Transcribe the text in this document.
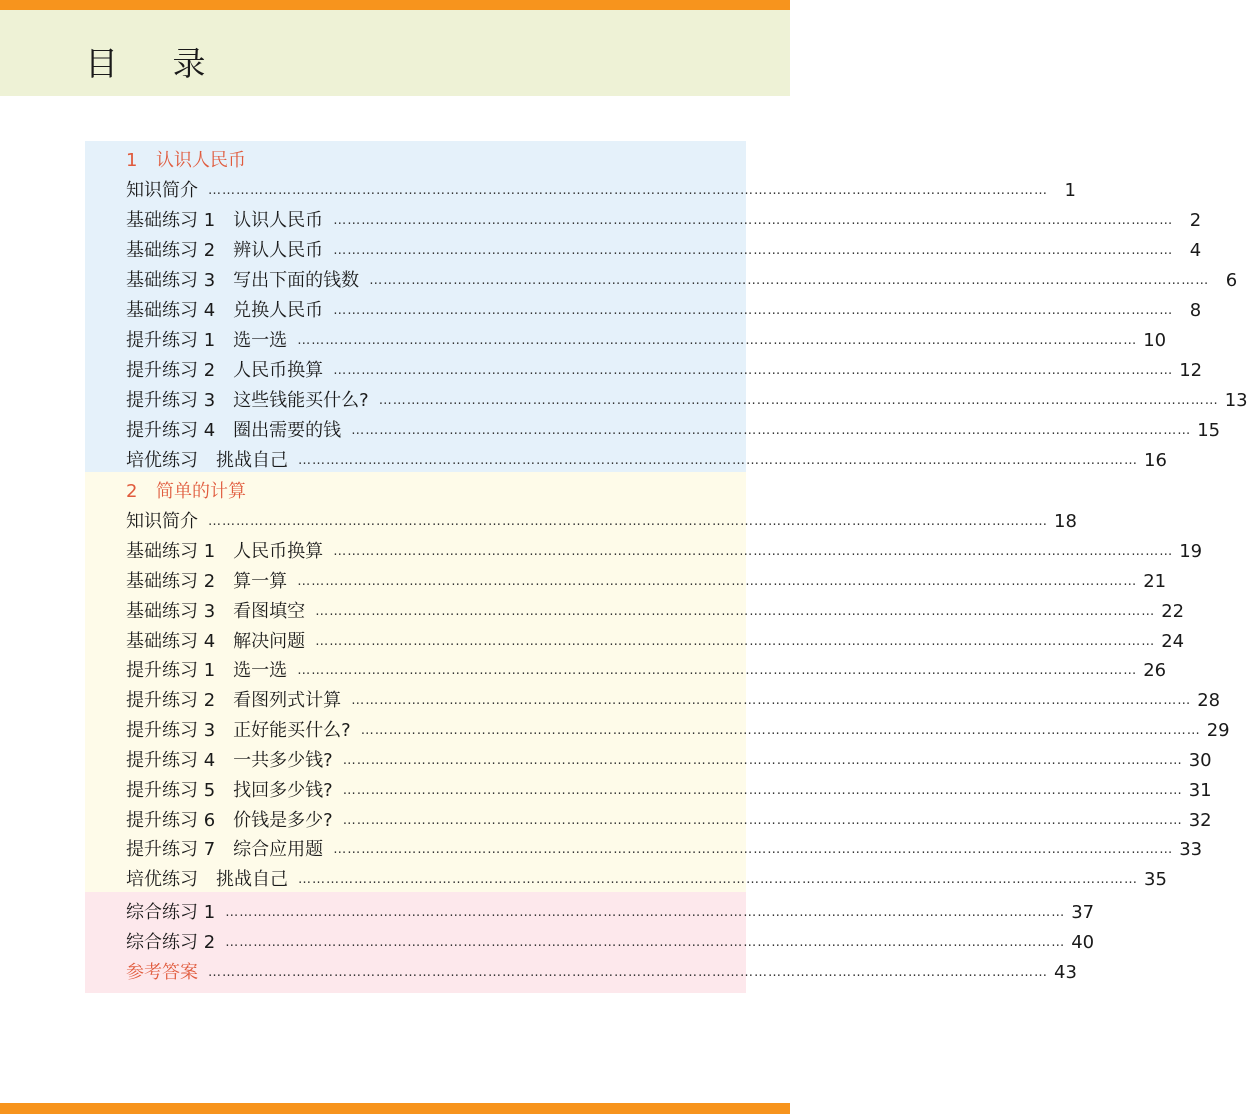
目 录
1 认识人民币
知识简介 ……………………………………………………………………………………………………………………………………………………………… 1
基础练习 1　认识人民币 ……………………………………………………………………………………………………………………………………………………………… 2
基础练习 2　辨认人民币 ……………………………………………………………………………………………………………………………………………………………… 4
基础练习 3　写出下面的钱数 ……………………………………………………………………………………………………………………………………………………………… 6
基础练习 4　兑换人民币 ……………………………………………………………………………………………………………………………………………………………… 8
提升练习 1　选一选 ……………………………………………………………………………………………………………………………………………………………… 10
提升练习 2　人民币换算 ……………………………………………………………………………………………………………………………………………………………… 12
提升练习 3　这些钱能买什么? ……………………………………………………………………………………………………………………………………………………………… 13
提升练习 4　圈出需要的钱 ……………………………………………………………………………………………………………………………………………………………… 15
培优练习　挑战自己 ……………………………………………………………………………………………………………………………………………………………… 16
2 简单的计算
知识简介 ……………………………………………………………………………………………………………………………………………………………… 18
基础练习 1　人民币换算 ……………………………………………………………………………………………………………………………………………………………… 19
基础练习 2　算一算 ……………………………………………………………………………………………………………………………………………………………… 21
基础练习 3　看图填空 ……………………………………………………………………………………………………………………………………………………………… 22
基础练习 4　解决问题 ……………………………………………………………………………………………………………………………………………………………… 24
提升练习 1　选一选 ……………………………………………………………………………………………………………………………………………………………… 26
提升练习 2　看图列式计算 ……………………………………………………………………………………………………………………………………………………………… 28
提升练习 3　正好能买什么? ……………………………………………………………………………………………………………………………………………………………… 29
提升练习 4　一共多少钱? ……………………………………………………………………………………………………………………………………………………………… 30
提升练习 5　找回多少钱? ……………………………………………………………………………………………………………………………………………………………… 31
提升练习 6　价钱是多少? ……………………………………………………………………………………………………………………………………………………………… 32
提升练习 7　综合应用题 ……………………………………………………………………………………………………………………………………………………………… 33
培优练习　挑战自己 ……………………………………………………………………………………………………………………………………………………………… 35
综合练习 1 ……………………………………………………………………………………………………………………………………………………………… 37
综合练习 2 ……………………………………………………………………………………………………………………………………………………………… 40
参考答案 ……………………………………………………………………………………………………………………………………………………………… 43
